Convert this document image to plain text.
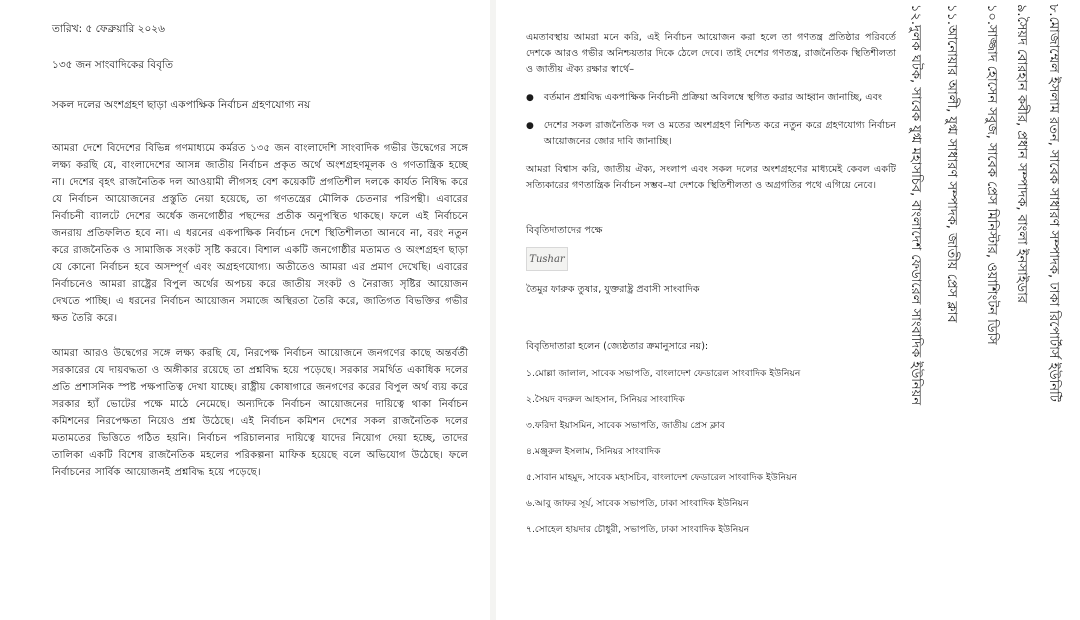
তারিখ: ৫ ফেব্রুয়ারি ২০২৬
১৩৫ জন সাংবাদিকের বিবৃতি
সকল দলের অংশগ্রহণ ছাড়া একপাক্ষিক নির্বাচন গ্রহণযোগ্য নয়

আমরা দেশে বিদেশের বিভিন্ন গণমাধ্যমে কর্মরত ১৩৫ জন বাংলাদেশি সাংবাদিক গভীর উদ্বেগের সঙ্গে লক্ষ্য করছি যে, বাংলাদেশের আসন্ন জাতীয় নির্বাচন প্রকৃত অর্থে অংশগ্রহণমূলক ও গণতান্ত্রিক হচ্ছে না। দেশের বৃহৎ রাজনৈতিক দল আওয়ামী লীগসহ বেশ কয়েকটি প্রগতিশীল দলকে কার্যত নিষিদ্ধ করে যে নির্বাচন আয়োজনের প্রস্তুতি নেয়া হয়েছে, তা গণতন্ত্রের মৌলিক চেতনার পরিপন্থী। এবারের নির্বাচনী ব্যালটে দেশের অর্ধেক জনগোষ্ঠীর পছন্দের প্রতীক অনুপস্থিত থাকছে। ফলে এই নির্বাচনে জনরায় প্রতিফলিত হবে না। এ ধরনের একপাক্ষিক নির্বাচন দেশে স্থিতিশীলতা আনবে না, বরং নতুন করে রাজনৈতিক ও সামাজিক সংকট সৃষ্টি করবে। বিশাল একটি জনগোষ্ঠীর মতামত ও অংশগ্রহণ ছাড়া যে কোনো নির্বাচন হবে অসম্পূর্ণ এবং অগ্রহণযোগ্য। অতীতেও আমরা এর প্রমাণ দেখেছি। এবারের নির্বাচনেও আমরা রাষ্ট্রের বিপুল অর্থের অপচয় করে জাতীয় সংকট ও নৈরাজ্য সৃষ্টির আয়োজন দেখতে পাচ্ছি। এ ধরনের নির্বাচন আয়োজন সমাজে অস্থিরতা তৈরি করে, জাতিগত বিভক্তির গভীর ক্ষত তৈরি করে।

আমরা আরও উদ্বেগের সঙ্গে লক্ষ্য করছি যে, নিরপেক্ষ নির্বাচন আয়োজনে জনগণের কাছে অন্তর্বর্তী সরকারের যে দায়বদ্ধতা ও অঙ্গীকার রয়েছে তা প্রশ্নবিদ্ধ হয়ে পড়েছে। সরকার সমর্থিত একাধিক দলের প্রতি প্রশাসনিক স্পষ্ট পক্ষপাতিত্ব দেখা যাচ্ছে। রাষ্ট্রীয় কোষাগারে জনগণের করের বিপুল অর্থ ব্যয় করে সরকার হ্যাঁ ভোটের পক্ষে মাঠে নেমেছে। অন্যদিকে নির্বাচন আয়োজনের দায়িত্বে থাকা নির্বাচন কমিশনের নিরপেক্ষতা নিয়েও প্রশ্ন উঠেছে। এই নির্বাচন কমিশন দেশের সকল রাজনৈতিক দলের মতামতের ভিত্তিতে গঠিত হয়নি। নির্বাচন পরিচালনার দায়িত্বে যাদের নিয়োগ দেয়া হচ্ছে, তাদের তালিকা একটি বিশেষ রাজনৈতিক মহলের পরিকল্পনা মাফিক হয়েছে বলে অভিযোগ উঠেছে। ফলে নির্বাচনের সার্বিক আয়োজনই প্রশ্নবিদ্ধ হয়ে পড়েছে।

এমতাবস্থায় আমরা মনে করি, এই নির্বাচন আয়োজন করা হলে তা গণতন্ত্র প্রতিষ্ঠার পরিবর্তে দেশকে আরও গভীর অনিশ্চয়তার দিকে ঠেলে দেবে। তাই দেশের গণতন্ত্র, রাজনৈতিক স্থিতিশীলতা ও জাতীয় ঐক্য রক্ষার স্বার্থে–

● বর্তমান প্রশ্নবিদ্ধ একপাক্ষিক নির্বাচনী প্রক্রিয়া অবিলম্বে স্থগিত করার আহ্বান জানাচ্ছি, এবং

● দেশের সকল রাজনৈতিক দল ও মতের অংশগ্রহণ নিশ্চিত করে নতুন করে গ্রহণযোগ্য নির্বাচন আয়োজনের জোর দাবি জানাচ্ছি।

আমরা বিশ্বাস করি, জাতীয় ঐক্য, সংলাপ এবং সকল দলের অংশগ্রহণের মাধ্যমেই কেবল একটি সত্যিকারের গণতান্ত্রিক নির্বাচন সম্ভব–যা দেশকে স্থিতিশীলতা ও অগ্রগতির পথে এগিয়ে নেবে।

বিবৃতিদাতাদের পক্ষে
Tushar
তৈমুর ফারুক তুষার, যুক্তরাষ্ট্র প্রবাসী সাংবাদিক
বিবৃতিদাতারা হলেন (জ্যেষ্ঠতার ক্রমানুসারে নয়):
১.মোল্লা জালাল, সাবেক সভাপতি, বাংলাদেশ ফেডারেল সাংবাদিক ইউনিয়ন
২.সৈয়দ বদরুল আহসান, সিনিয়র সাংবাদিক
৩.ফরিদা ইয়াসমিন, সাবেক সভাপতি, জাতীয় প্রেস ক্লাব
৪.মঞ্জুরুল ইসলাম, সিনিয়র সাংবাদিক
৫.সাবান মাহমুদ, সাবেক মহাসচিব, বাংলাদেশ ফেডারেল সাংবাদিক ইউনিয়ন
৬.আবু জাফর সূর্য, সাবেক সভাপতি, ঢাকা সাংবাদিক ইউনিয়ন
৭.সোহেল হায়দার চৌধুরী, সভাপতি, ঢাকা সাংবাদিক ইউনিয়ন
৮.মোজাম্মেল ইসলাম রতন, সাবেক সাধারণ সম্পাদক, ঢাকা রিপোর্টার্স ইউনিটি
৯.সৈয়দ বোরহান কবীর, প্রধান সম্পাদক, বাংলা ইনসাইডার
১০.সাজ্জাদ হোসেন সবুজ, সাবেক প্রেস মিনিস্টার, ওয়াশিংটন ডিসি
১১.আনোয়ার আলী, যুগ্ম সাধারণ সম্পাদক, জাতীয় প্রেস ক্লাব
১২.দুলক ঘটক, সাবেক যুগ্ম মহাসচিব, বাংলাদেশ ফেডারেল সাংবাদিক ইউনিয়ন
